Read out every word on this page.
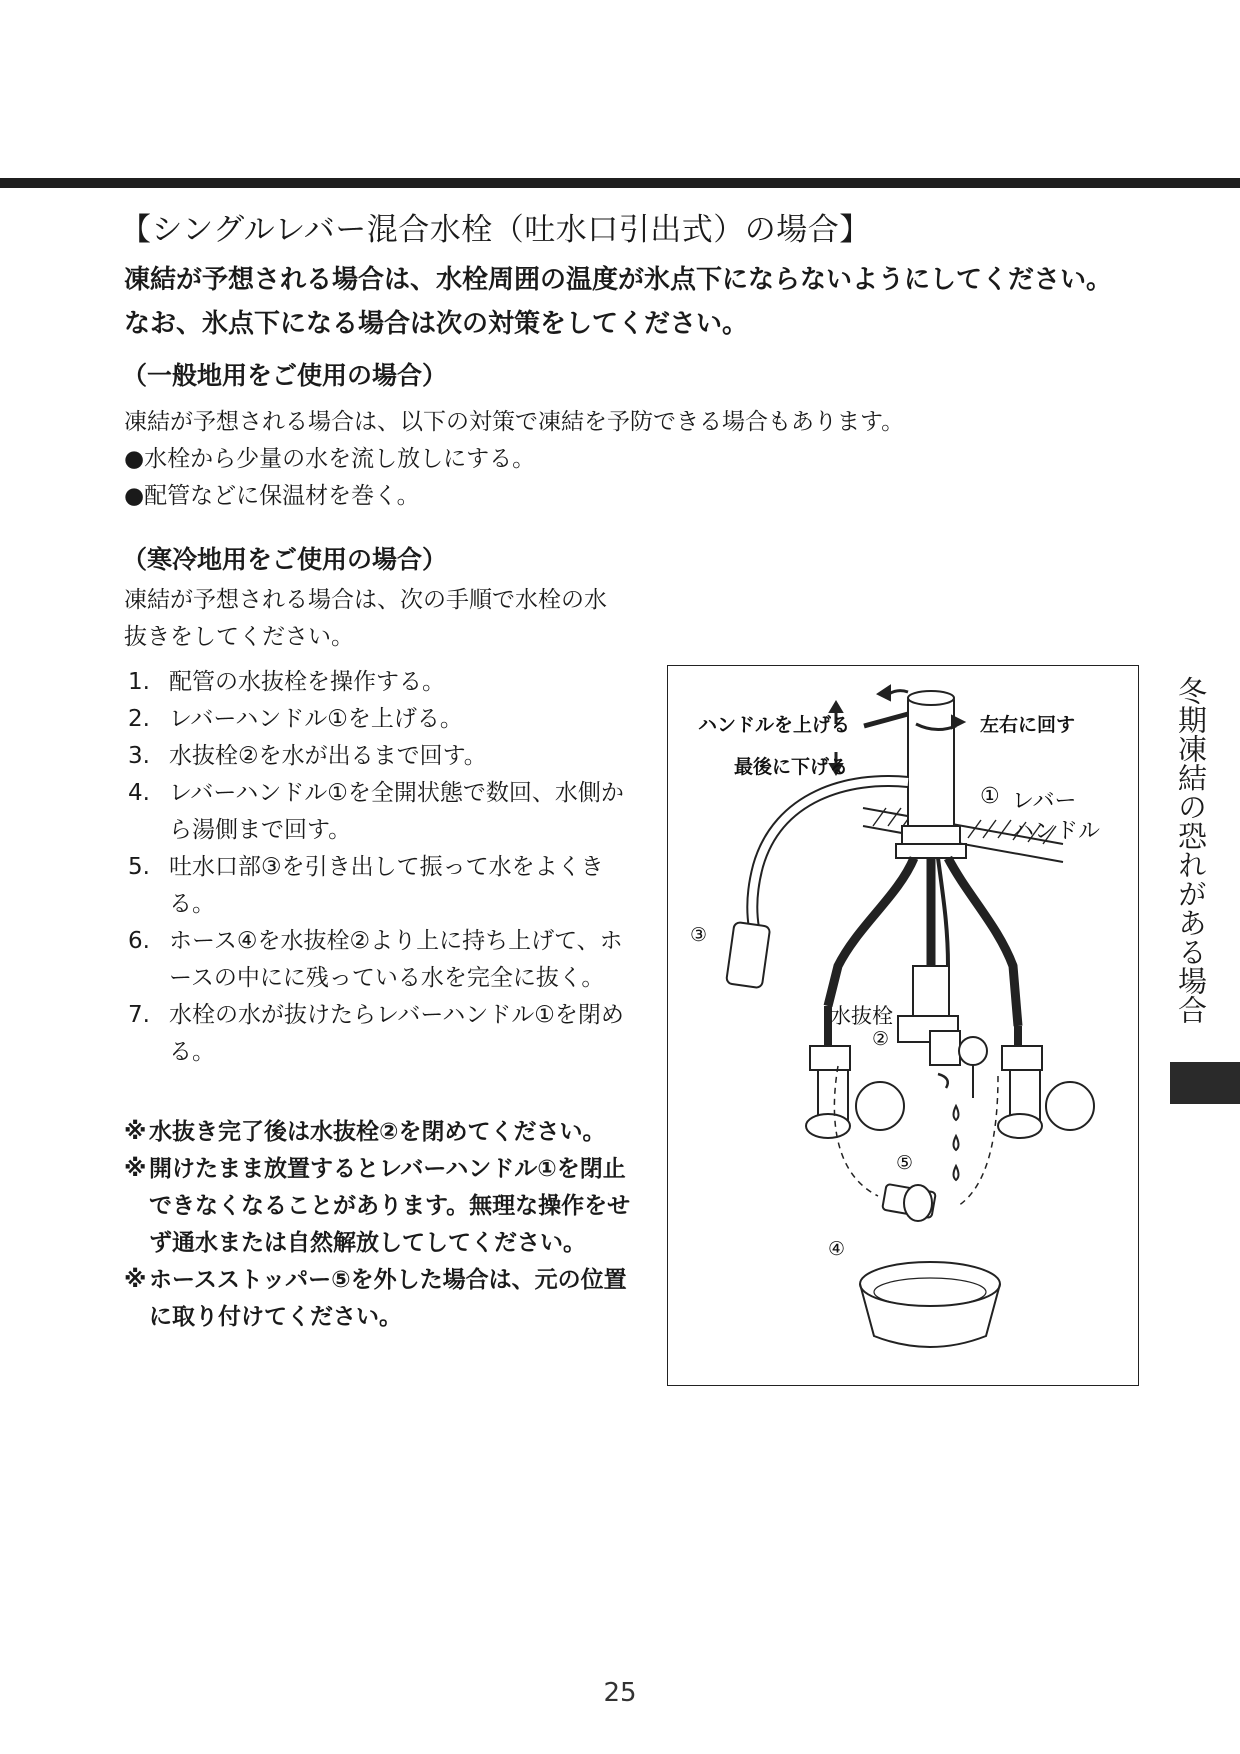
【シングルレバー混合水栓（吐水口引出式）の場合】
凍結が予想される場合は、水栓周囲の温度が氷点下にならないようにしてください。
なお、氷点下になる場合は次の対策をしてください。
（一般地用をご使用の場合）
凍結が予想される場合は、以下の対策で凍結を予防できる場合もあります。
●水栓から少量の水を流し放しにする。
●配管などに保温材を巻く。
（寒冷地用をご使用の場合）
凍結が予想される場合は、次の手順で水栓の水
抜きをしてください。
1. 配管の水抜栓を操作する。
2. レバーハンドル①を上げる。
3. 水抜栓②を水が出るまで回す。
4. レバーハンドル①を全開状態で数回、水側から湯側まで回す。
5. 吐水口部③を引き出して振って水をよくきる。
6. ホース④を水抜栓②より上に持ち上げて、ホースの中にに残っている水を完全に抜く。
7. 水栓の水が抜けたらレバーハンドル①を閉める。
※ 水抜き完了後は水抜栓②を閉めてください。
※ 開けたまま放置するとレバーハンドル①を閉止できなくなることがあります。無理な操作をせず通水または自然解放してしてください。
※ ホースストッパー⑤を外した場合は、元の位置に取り付けてください。
ハンドルを上げる
最後に下げる
左右に回す
① レバー
ハンドル
③
水抜栓
②
⑤
④
冬期凍結の恐れがある場合
25
